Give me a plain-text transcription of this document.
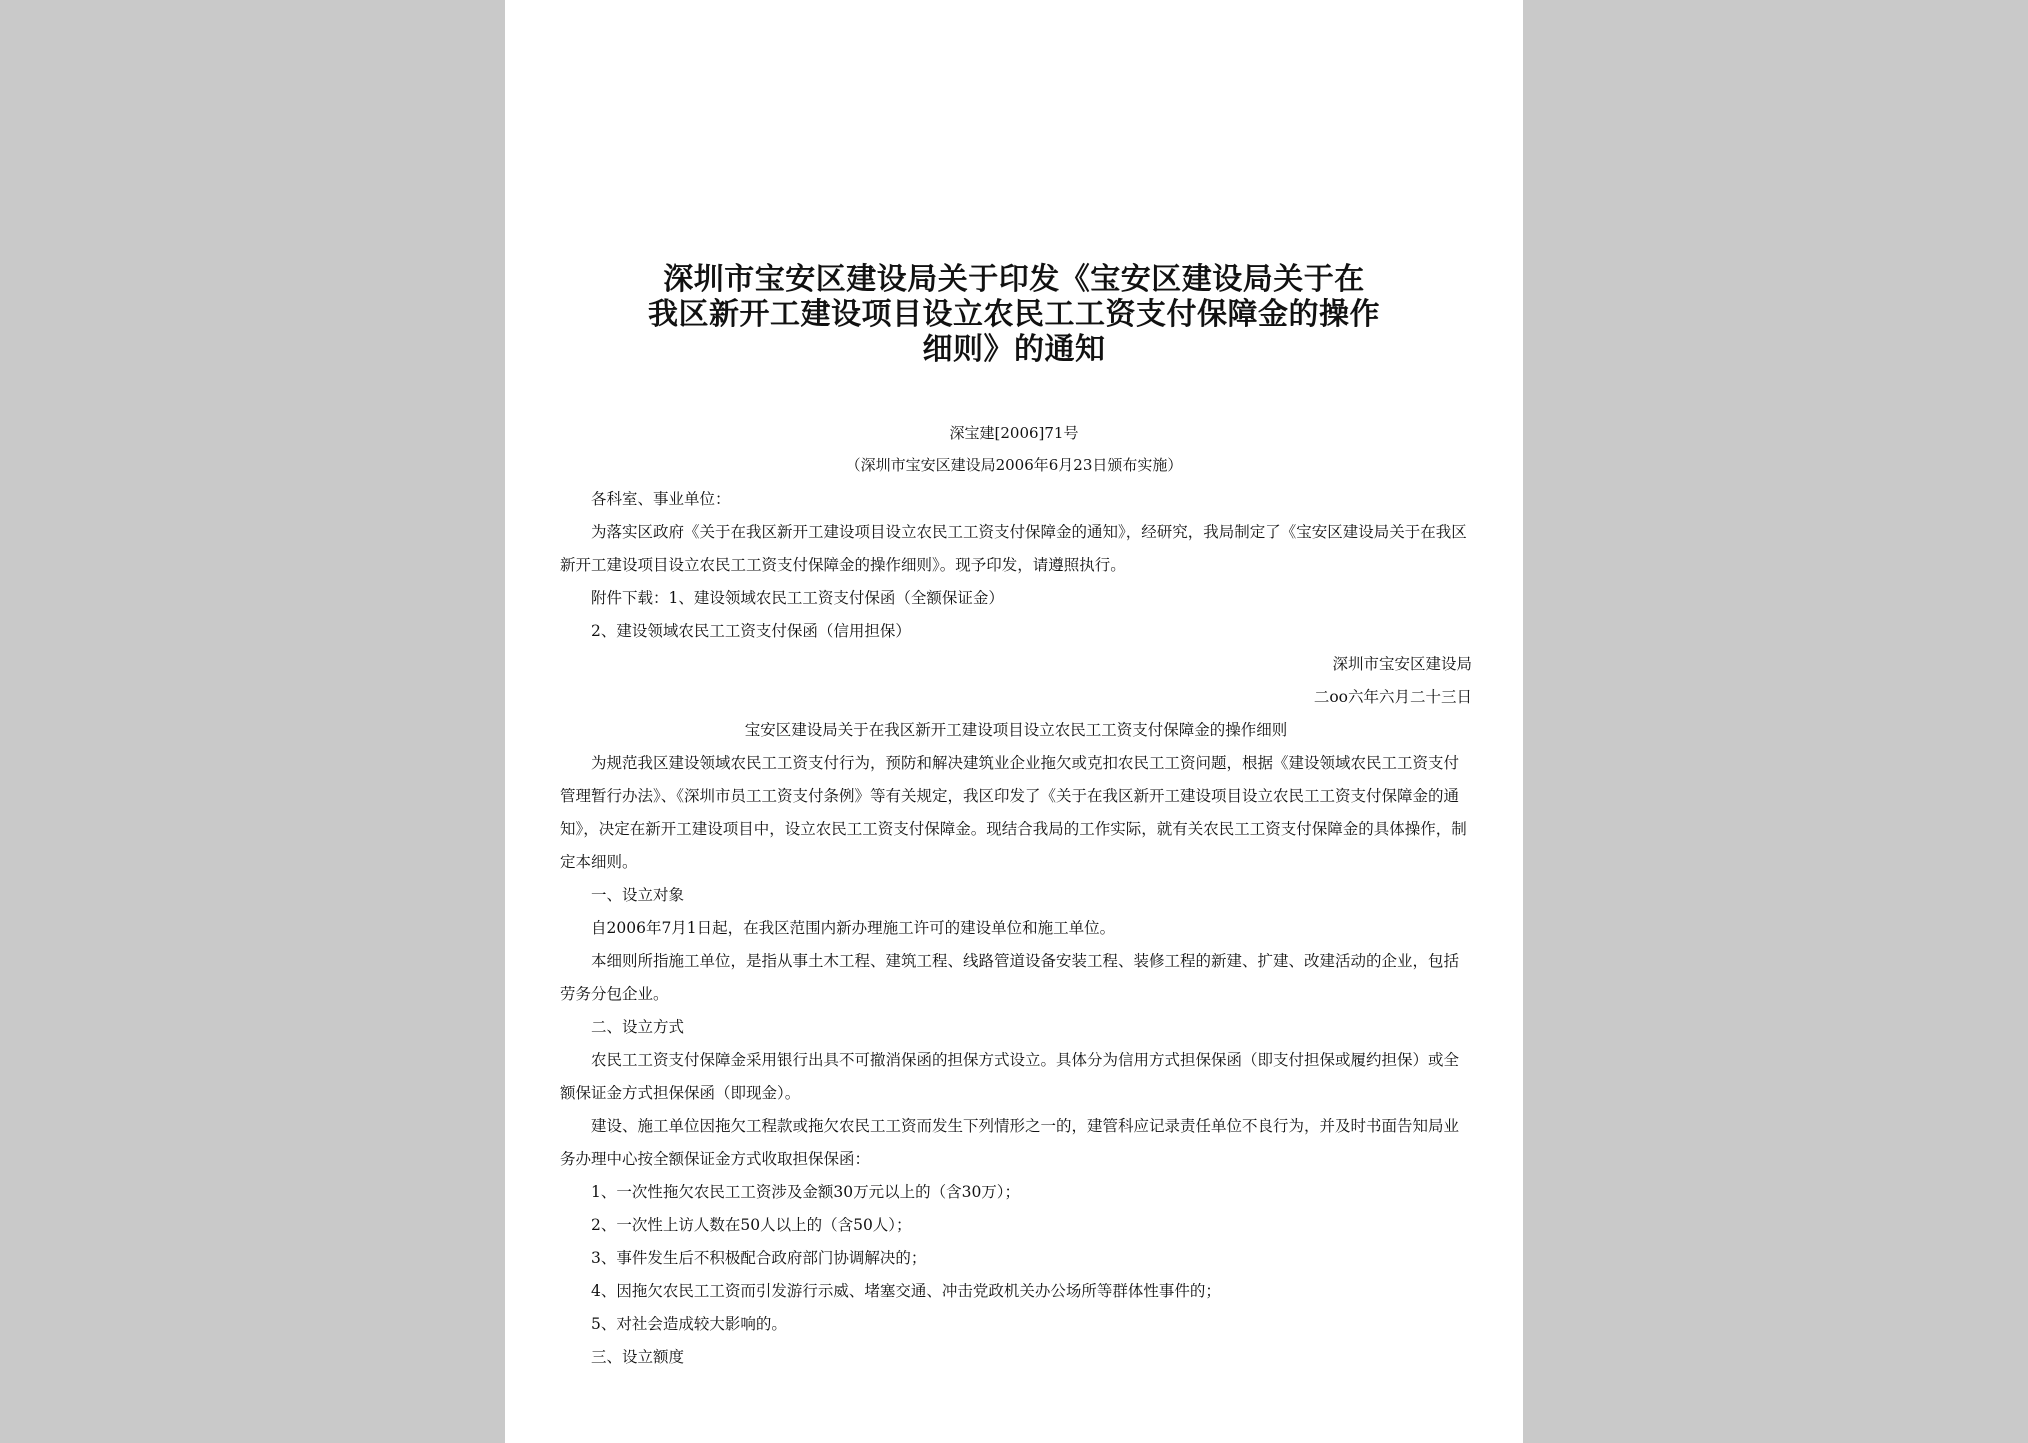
深圳市宝安区建设局关于印发《宝安区建设局关于在
我区新开工建设项目设立农民工工资支付保障金的操作
细则》的通知
深宝建[2006]71号
（深圳市宝安区建设局2006年6月23日颁布实施）

各科室、事业单位：

为落实区政府《关于在我区新开工建设项目设立农民工工资支付保障金的通知》，经研究，我局制定了《宝安区建设局关于在我区新开工建设项目设立农民工工资支付保障金的操作细则》。现予印发，请遵照执行。

附件下载：1、建设领域农民工工资支付保函（全额保证金）

2、建设领域农民工工资支付保函（信用担保）

深圳市宝安区建设局

二oo六年六月二十三日

宝安区建设局关于在我区新开工建设项目设立农民工工资支付保障金的操作细则

为规范我区建设领域农民工工资支付行为，预防和解决建筑业企业拖欠或克扣农民工工资问题，根据《建设领域农民工工资支付管理暂行办法》、《深圳市员工工资支付条例》等有关规定，我区印发了《关于在我区新开工建设项目设立农民工工资支付保障金的通知》，决定在新开工建设项目中，设立农民工工资支付保障金。现结合我局的工作实际，就有关农民工工资支付保障金的具体操作，制定本细则。

一、设立对象

自2006年7月1日起，在我区范围内新办理施工许可的建设单位和施工单位。

本细则所指施工单位，是指从事土木工程、建筑工程、线路管道设备安装工程、装修工程的新建、扩建、改建活动的企业，包括劳务分包企业。

二、设立方式

农民工工资支付保障金采用银行出具不可撤消保函的担保方式设立。具体分为信用方式担保保函（即支付担保或履约担保）或全额保证金方式担保保函（即现金）。

建设、施工单位因拖欠工程款或拖欠农民工工资而发生下列情形之一的，建管科应记录责任单位不良行为，并及时书面告知局业务办理中心按全额保证金方式收取担保保函：

1、一次性拖欠农民工工资涉及金额30万元以上的（含30万）；

2、一次性上访人数在50人以上的（含50人）；

3、事件发生后不积极配合政府部门协调解决的；

4、因拖欠农民工工资而引发游行示威、堵塞交通、冲击党政机关办公场所等群体性事件的；

5、对社会造成较大影响的。

三、设立额度
